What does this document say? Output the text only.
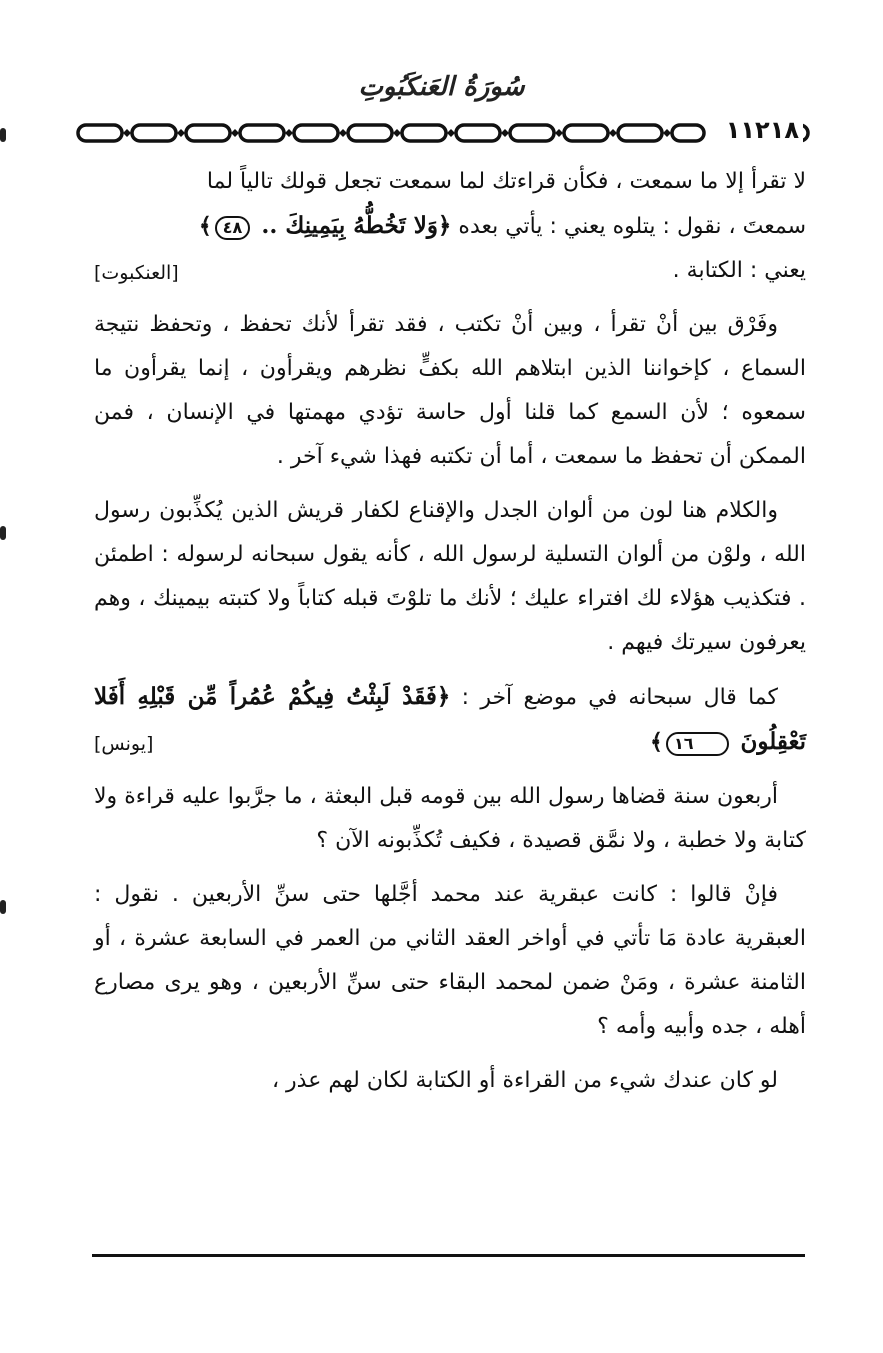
سُورَةُ العَنكَبُوتِ
١١٢١٨

لا تقرأ إلا ما سمعت ، فكأن قراءتك لما سمعت تجعل قولك تالياً لما
سمعتَ ، نقول : يتلوه يعني : يأتي بعده ﴿وَلا تَخُطُّهُ بِيَمِينِكَ .. ٤٨﴾
[العنكبوت]	يعني : الكتابة .

وفَرْق بين أنْ تقرأ ، وبين أنْ تكتب ، فقد تقرأ لأنك تحفظ ، وتحفظ نتيجة السماع ، كإخواننا الذين ابتلاهم الله بكفٍّ نظرهم ويقرأون ، إنما يقرأون ما سمعوه ؛ لأن السمع كما قلنا أول حاسة تؤدي مهمتها في الإنسان ، فمن الممكن أن تحفظ ما سمعت ، أما أن تكتبه فهذا شيء آخر .

والكلام هنا لون من ألوان الجدل والإقناع لكفار قريش الذين يُكذِّبون رسول الله ، ولوْن من ألوان التسلية لرسول الله ، كأنه يقول سبحانه لرسوله : اطمئن . فتكذيب هؤلاء لك افتراء عليك ؛ لأنك ما تلوْتَ قبله كتاباً ولا كتبته بيمينك ، وهم يعرفون سيرتك فيهم .

كما قال سبحانه في موضع آخر : ﴿فَقَدْ لَبِثْتُ فِيكُمْ عُمُراً مِّن قَبْلِهِ أَفَلا تَعْقِلُونَ ١٦﴾
[يونس]

أربعون سنة قضاها رسول الله بين قومه قبل البعثة ، ما جرَّبوا عليه قراءة ولا كتابة ولا خطبة ، ولا نمَّق قصيدة ، فكيف تُكذِّبونه الآن ؟

فإنْ قالوا : كانت عبقرية عند محمد أجَّلها حتى سنِّ الأربعين . نقول : العبقرية عادة مَا تأتي في أواخر العقد الثاني من العمر في السابعة عشرة ، أو الثامنة عشرة ، ومَنْ ضمن لمحمد البقاء حتى سنِّ الأربعين ، وهو يرى مصارع أهله ، جده وأبيه وأمه ؟

لو كان عندك شيء من القراءة أو الكتابة لكان لهم عذر ،
